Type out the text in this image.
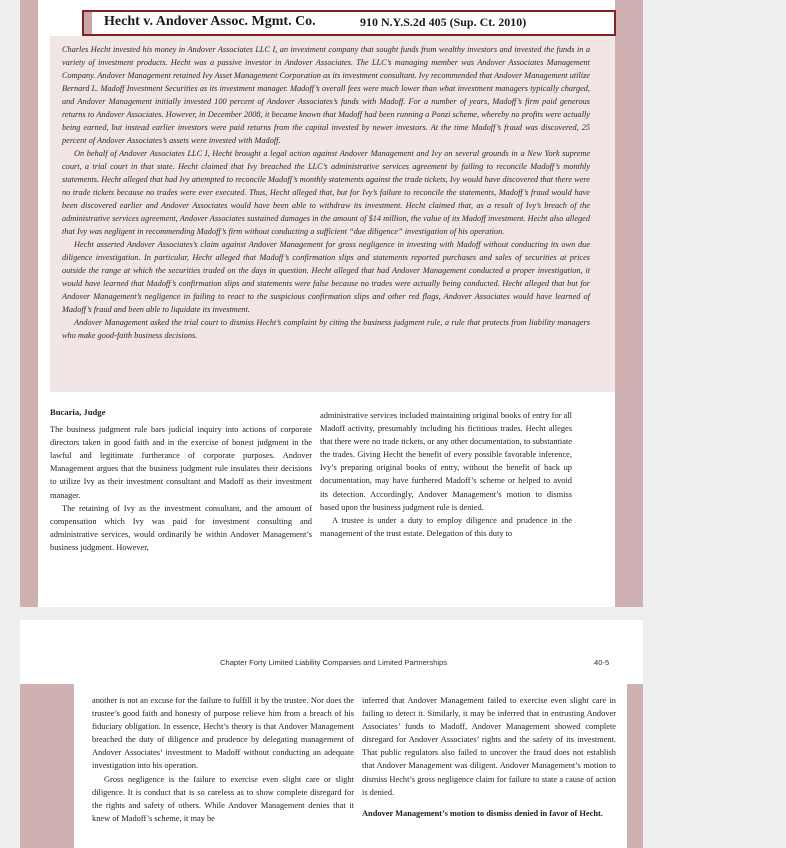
Hecht v. Andover Assoc. Mgmt. Co.	910 N.Y.S.2d 405 (Sup. Ct. 2010)

Charles Hecht invested his money in Andover Associates LLC I, an investment company that sought funds from wealthy investors and invested the funds in a variety of investment products. Hecht was a passive investor in Andover Associates. The LLC’s managing member was Andover Associates Management Company. Andover Management retained Ivy Asset Management Corporation as its investment consultant. Ivy recommended that Andover Management utilize Bernard L. Madoff Investment Securities as its investment manager. Madoff’s overall fees were much lower than what investment managers typically charged, and Andover Management initially invested 100 percent of Andover Associates’s funds with Madoff. For a number of years, Madoff’s firm paid generous returns to Andover Associates. However, in December 2008, it became known that Madoff had been running a Ponzi scheme, whereby no profits were actually being earned, but instead earlier investors were paid returns from the capital invested by newer investors. At the time Madoff’s fraud was discovered, 25 percent of Andover Associates’s assets were invested with Madoff.

On behalf of Andover Associates LLC I, Hecht brought a legal action against Andover Management and Ivy on several grounds in a New York supreme court, a trial court in that state. Hecht claimed that Ivy breached the LLC’s administrative services agreement by failing to reconcile Madoff’s monthly statements. Hecht alleged that had Ivy attempted to reconcile Madoff’s monthly statements against the trade tickets, Ivy would have discovered that there were no trade tickets because no trades were ever executed. Thus, Hecht alleged that, but for Ivy’s failure to reconcile the statements, Madoff’s fraud would have been discovered earlier and Andover Associates would have been able to withdraw its investment. Hecht claimed that, as a result of Ivy’s breach of the administrative services agreement, Andover Associates sustained damages in the amount of $14 million, the value of its Madoff investment. Hecht also alleged that Ivy was negligent in recommending Madoff’s firm without conducting a sufficient “due diligence” investigation of his operation.

Hecht asserted Andover Associates’s claim against Andover Management for gross negligence in investing with Madoff without conducting its own due diligence investigation. In particular, Hecht alleged that Madoff’s confirmation slips and statements reported purchases and sales of securities at prices outside the range at which the securities traded on the days in question. Hecht alleged that had Andover Management conducted a proper investigation, it would have learned that Madoff’s confirmation slips and statements were false because no trades were actually being conducted. Hecht alleged that but for Andover Management’s negligence in failing to react to the suspicious confirmation slips and other red flags, Andover Associates would have learned of Madoff’s fraud and been able to liquidate its investment.

Andover Management asked the trial court to dismiss Hecht’s complaint by citing the business judgment rule, a rule that protects from liability managers who make good-faith business decisions.

Bucaria, Judge

The business judgment rule bars judicial inquiry into actions of corporate directors taken in good faith and in the exercise of honest judgment in the lawful and legitimate furtherance of corporate purposes. Andover Management argues that the business judgment rule insulates their decisions to utilize Ivy as their investment consultant and Madoff as their investment manager.

The retaining of Ivy as the investment consultant, and the amount of compensation which Ivy was paid for investment consulting and administrative services, would ordinarily be within Andover Management’s business judgment. However,

administrative services included maintaining original books of entry for all Madoff activity, presumably including his fictitious trades. Hecht alleges that there were no trade tickets, or any other documentation, to substantiate the trades. Giving Hecht the benefit of every possible favorable inference, Ivy’s preparing original books of entry, without the benefit of back up documentation, may have furthered Madoff’s scheme or helped to avoid its detection. Accordingly, Andover Management’s motion to dismiss based upon the business judgment rule is denied.

A trustee is under a duty to employ diligence and prudence in the management of the trust estate. Delegation of this duty to

Chapter Forty Limited Liability Companies and Limited Partnerships	40-5

another is not an excuse for the failure to fulfill it by the trustee. Nor does the trustee’s good faith and honesty of purpose relieve him from a breach of his fiduciary obligation. In essence, Hecht’s theory is that Andover Management breached the duty of diligence and prudence by delegating management of Andover Associates’ investment to Madoff without conducting an adequate investigation into his operation.

Gross negligence is the failure to exercise even slight care or slight diligence. It is conduct that is so careless as to show complete disregard for the rights and safety of others. While Andover Management denies that it knew of Madoff’s scheme, it may be

inferred that Andover Management failed to exercise even slight care in failing to detect it. Similarly, it may be inferred that in entrusting Andover Associates’ funds to Madoff, Andover Management showed complete disregard for Andover Associates’ rights and the safety of its investment. That public regulators also failed to uncover the fraud does not establish that Andover Management was diligent. Andover Management’s motion to dismiss Hecht’s gross negligence claim for failure to state a cause of action is denied.

Andover Management’s motion to dismiss denied in favor of Hecht.
